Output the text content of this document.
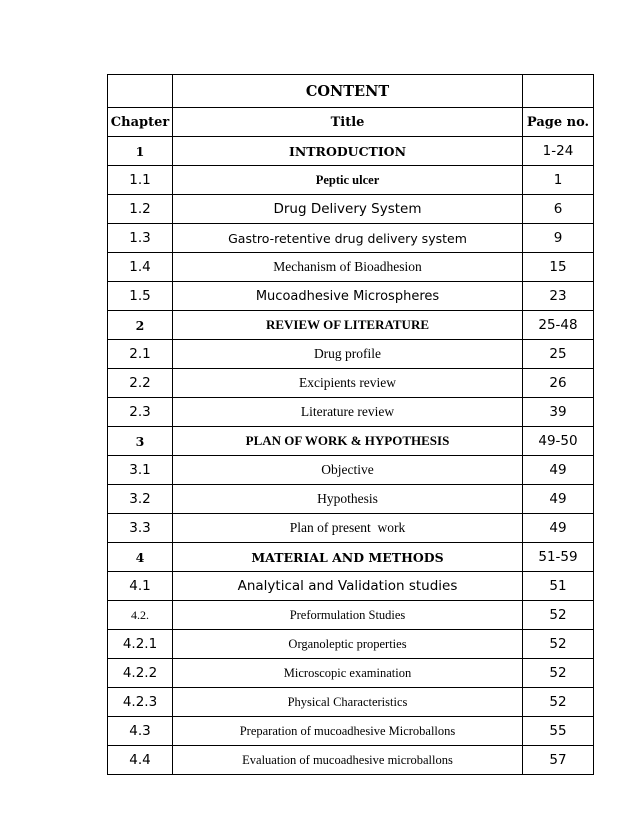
	CONTENT	
Chapter	Title	Page no.
1	INTRODUCTION	1-24
1.1	Peptic ulcer	1
1.2	Drug Delivery System	6
1.3	Gastro-retentive drug delivery system	9
1.4	Mechanism of Bioadhesion	15
1.5	Mucoadhesive Microspheres	23
2	REVIEW OF LITERATURE	25-48
2.1	Drug profile	25
2.2	Excipients review	26
2.3	Literature review	39
3	PLAN OF WORK & HYPOTHESIS	49-50
3.1	Objective	49
3.2	Hypothesis	49
3.3	Plan of present  work	49
4	MATERIAL AND METHODS	51-59
4.1	Analytical and Validation studies	51
4.2.	Preformulation Studies	52
4.2.1	Organoleptic properties	52
4.2.2	Microscopic examination	52
4.2.3	Physical Characteristics	52
4.3	Preparation of mucoadhesive Microballons	55
4.4	Evaluation of mucoadhesive microballons	57
